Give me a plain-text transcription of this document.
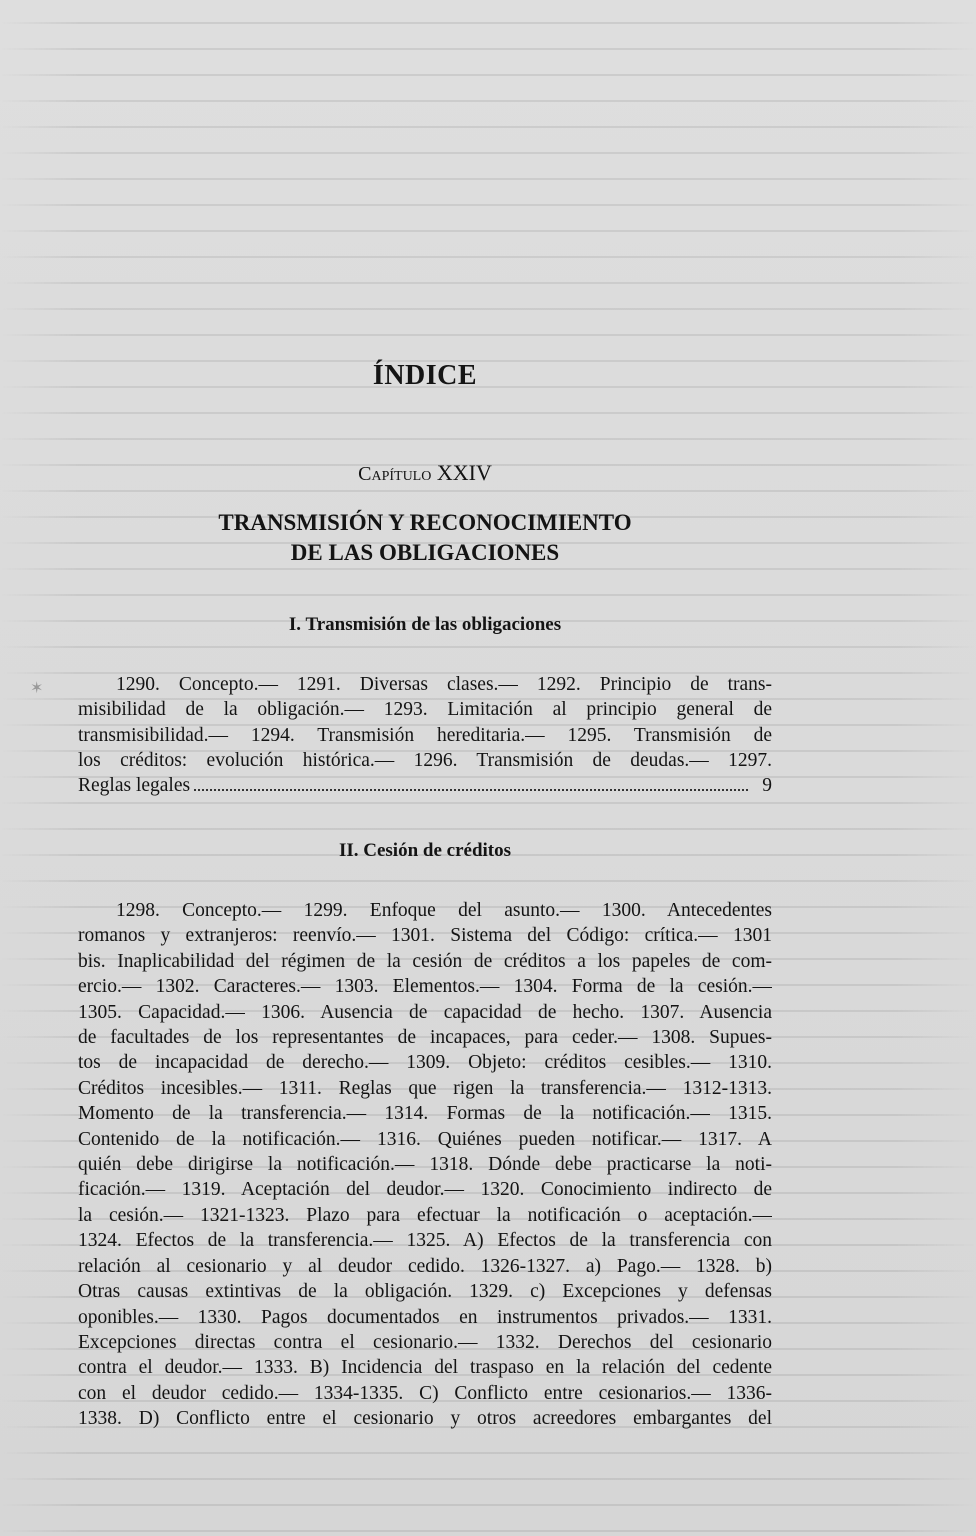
✶
ÍNDICE

Capítulo XXIV

TRANSMISIÓN Y RECONOCIMIENTO
DE LAS OBLIGACIONES
I. Transmisión de las obligaciones

1290. Concepto.— 1291. Diversas clases.— 1292. Principio de trans-
misibilidad de la obligación.— 1293. Limitación al principio general de
transmisibilidad.— 1294. Transmisión hereditaria.— 1295. Transmisión de
los créditos: evolución histórica.— 1296. Transmisión de deudas.— 1297.

Reglas legales	9
II. Cesión de créditos

1298. Concepto.— 1299. Enfoque del asunto.— 1300. Antecedentes
romanos y extranjeros: reenvío.— 1301. Sistema del Código: crítica.— 1301
bis. Inaplicabilidad del régimen de la cesión de créditos a los papeles de com-
ercio.— 1302. Caracteres.— 1303. Elementos.— 1304. Forma de la cesión.—
1305. Capacidad.— 1306. Ausencia de capacidad de hecho. 1307. Ausencia
de facultades de los representantes de incapaces, para ceder.— 1308. Supues-
tos de incapacidad de derecho.— 1309. Objeto: créditos cesibles.— 1310.
Créditos incesibles.— 1311. Reglas que rigen la transferencia.— 1312-1313.
Momento de la transferencia.— 1314. Formas de la notificación.— 1315.
Contenido de la notificación.— 1316. Quiénes pueden notificar.— 1317. A
quién debe dirigirse la notificación.— 1318. Dónde debe practicarse la noti-
ficación.— 1319. Aceptación del deudor.— 1320. Conocimiento indirecto de
la cesión.— 1321-1323. Plazo para efectuar la notificación o aceptación.—
1324. Efectos de la transferencia.— 1325. A) Efectos de la transferencia con
relación al cesionario y al deudor cedido. 1326-1327. a) Pago.— 1328. b)
Otras causas extintivas de la obligación. 1329. c) Excepciones y defensas
oponibles.— 1330. Pagos documentados en instrumentos privados.— 1331.
Excepciones directas contra el cesionario.— 1332. Derechos del cesionario
contra el deudor.— 1333. B) Incidencia del traspaso en la relación del cedente
con el deudor cedido.— 1334-1335. C) Conflicto entre cesionarios.— 1336-
1338. D) Conflicto entre el cesionario y otros acreedores embargantes del
